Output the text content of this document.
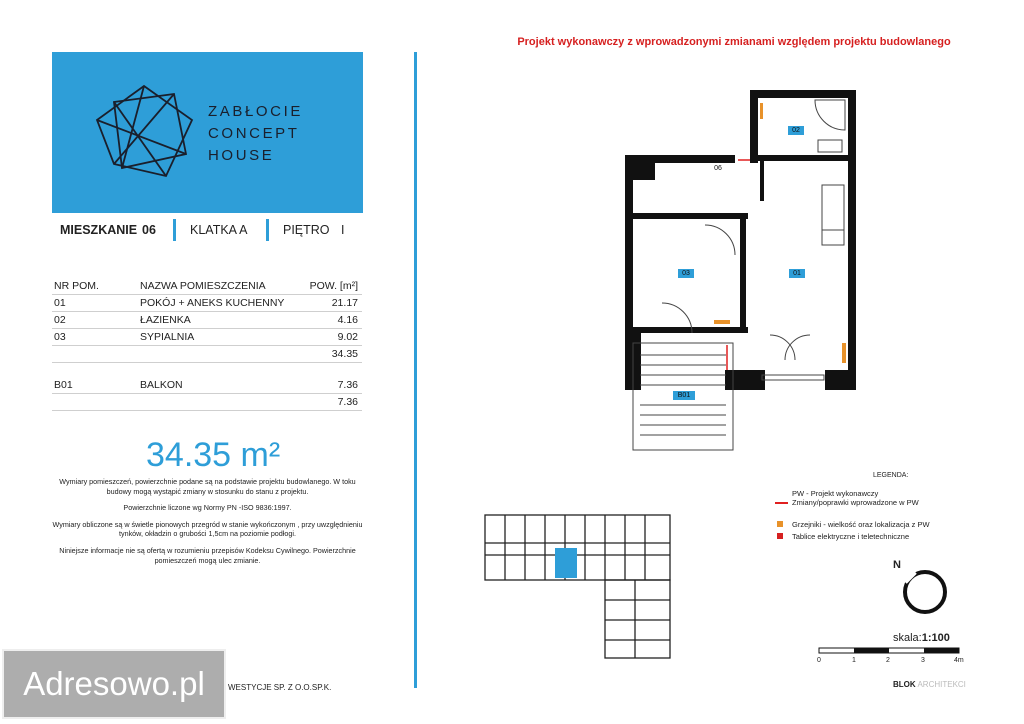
ZABŁOCIE
CONCEPT
HOUSE
MIESZKANIE 06	KLATKA A	PIĘTRO I
NR POM.	NAZWA POMIESZCZENIA	POW. [m²]
01	POKÓJ + ANEKS KUCHENNY	21.17
02	ŁAZIENKA	4.16
03	SYPIALNIA	9.02
34.35
B01	BALKON	7.36
7.36
34.35 m²

Wymiary pomieszczeń, powierzchnie podane są na podstawie projektu budowlanego. W toku budowy mogą wystąpić zmiany w stosunku do stanu z projektu.

Powierzchnie liczone wg Normy PN -ISO 9836:1997.

Wymiary obliczone są w świetle pionowych przegród w stanie wykończonym , przy uwzględnieniu tynków, okładzin o grubości 1,5cm na poziomie podłogi.

Niniejsze informacje nie są ofertą w rozumieniu przepisów Kodeksu Cywilnego. Powierzchnie pomieszczeń mogą ulec zmianie.

Projekt wykonawczy z wprowadzonymi zmianami względem projektu budowlanego
02
06
03	01
B01
LEGENDA:
PW - Projekt wykonawczy
Zmiany/poprawki wprowadzone w PW
Grzejniki - wielkość oraz lokalizacja z PW
Tablice elektryczne i teletechniczne
N
skala:1:100
0	1	2	3	4m
WESTYCJE SP. Z O.O.SP.K.	BLOK ARCHITEKCI
Adresowo.pl
